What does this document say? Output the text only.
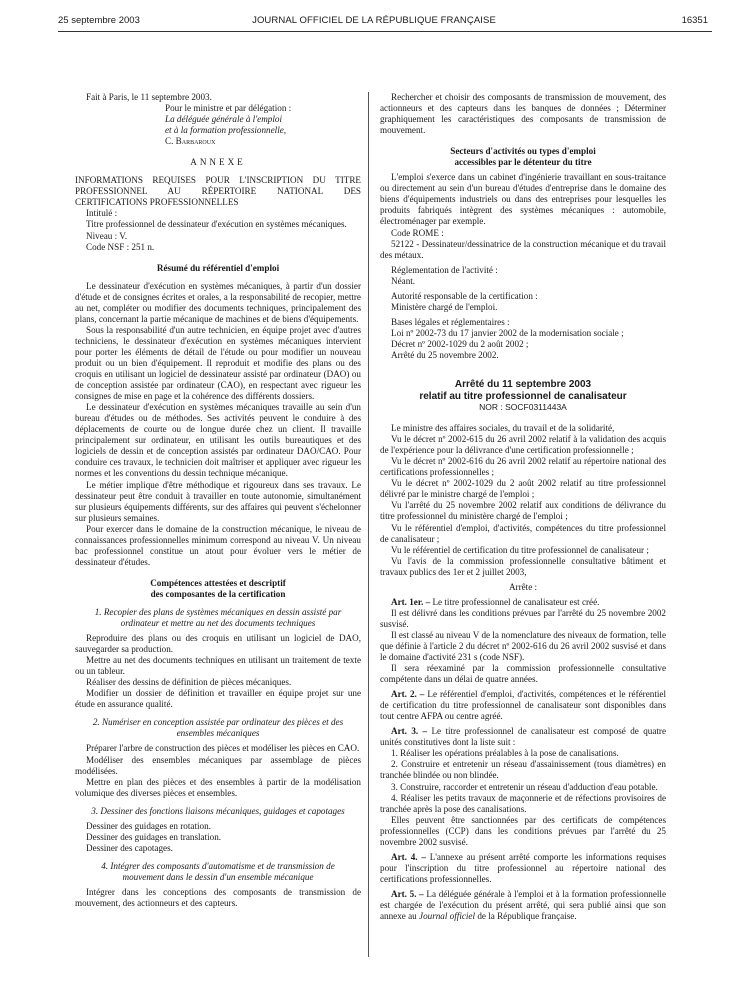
25 septembre 2003	JOURNAL OFFICIEL DE LA RÉPUBLIQUE FRANÇAISE	16351

Fait à Paris, le 11 septembre 2003.

Pour le ministre et par délégation :

La déléguée générale à l'emploi

et à la formation professionnelle,

C. Barbaroux

ANNEXE

INFORMATIONS REQUISES POUR L'INSCRIPTION DU TITRE PROFESSIONNEL AU RÉPERTOIRE NATIONAL DES CERTIFICATIONS PROFESSIONNELLES

Intitulé :

Titre professionnel de dessinateur d'exécution en systèmes mécaniques.

Niveau : V.

Code NSF : 251 n.

Résumé du référentiel d'emploi

Le dessinateur d'exécution en systèmes mécaniques, à partir d'un dossier d'étude et de consignes écrites et orales, a la responsabilité de recopier, mettre au net, compléter ou modifier des documents techniques, principalement des plans, concernant la partie mécanique de machines et de biens d'équipements.

Sous la responsabilité d'un autre technicien, en équipe projet avec d'autres techniciens, le dessinateur d'exécution en systèmes mécaniques intervient pour porter les éléments de détail de l'étude ou pour modifier un nouveau produit ou un bien d'équipement. Il reproduit et modifie des plans ou des croquis en utilisant un logiciel de dessinateur assisté par ordinateur (DAO) ou de conception assistée par ordinateur (CAO), en respectant avec rigueur les consignes de mise en page et la cohérence des différents dossiers.

Le dessinateur d'exécution en systèmes mécaniques travaille au sein d'un bureau d'études ou de méthodes. Ses activités peuvent le conduire à des déplacements de courte ou de longue durée chez un client. Il travaille principalement sur ordinateur, en utilisant les outils bureautiques et des logiciels de dessin et de conception assistés par ordinateur DAO/CAO. Pour conduire ces travaux, le technicien doit maîtriser et appliquer avec rigueur les normes et les conventions du dessin technique mécanique.

Le métier implique d'être méthodique et rigoureux dans ses travaux. Le dessinateur peut être conduit à travailler en toute autonomie, simultanément sur plusieurs équipements différents, sur des affaires qui peuvent s'échelonner sur plusieurs semaines.

Pour exercer dans le domaine de la construction mécanique, le niveau de connaissances professionnelles minimum correspond au niveau V. Un niveau bac professionnel constitue un atout pour évoluer vers le métier de dessinateur d'études.

Compétences attestées et descriptif

des composantes de la certification

1. Recopier des plans de systèmes mécaniques en dessin assisté par ordinateur et mettre au net des documents techniques

Reproduire des plans ou des croquis en utilisant un logiciel de DAO, sauvegarder sa production.

Mettre au net des documents techniques en utilisant un traitement de texte ou un tableur.

Réaliser des dessins de définition de pièces mécaniques.

Modifier un dossier de définition et travailler en équipe projet sur une étude en assurance qualité.

2. Numériser en conception assistée par ordinateur des pièces et des ensembles mécaniques

Préparer l'arbre de construction des pièces et modéliser les pièces en CAO.

Modéliser des ensembles mécaniques par assemblage de pièces modélisées.

Mettre en plan des pièces et des ensembles à partir de la modélisation volumique des diverses pièces et ensembles.

3. Dessiner des fonctions liaisons mécaniques, guidages et capotages

Dessiner des guidages en rotation.

Dessiner des guidages en translation.

Dessiner des capotages.

4. Intégrer des composants d'automatisme et de transmission de mouvement dans le dessin d'un ensemble mécanique

Intégrer dans les conceptions des composants de transmission de mouvement, des actionneurs et des capteurs.

Rechercher et choisir des composants de transmission de mouvement, des actionneurs et des capteurs dans les banques de données ; Déterminer graphiquement les caractéristiques des composants de transmission de mouvement.

Secteurs d'activités ou types d'emploi

accessibles par le détenteur du titre

L'emploi s'exerce dans un cabinet d'ingénierie travaillant en sous-traitance ou directement au sein d'un bureau d'études d'entreprise dans le domaine des biens d'équipements industriels ou dans des entreprises pour lesquelles les produits fabriqués intègrent des systèmes mécaniques : automobile, électroménager par exemple.

Code ROME :

52122 - Dessinateur/dessinatrice de la construction mécanique et du travail des métaux.

Réglementation de l'activité :

Néant.

Autorité responsable de la certification :

Ministère chargé de l'emploi.

Bases légales et réglementaires :

Loi nº 2002-73 du 17 janvier 2002 de la modernisation sociale ;

Décret nº 2002-1029 du 2 août 2002 ;

Arrêté du 25 novembre 2002.

Arrêté du 11 septembre 2003

relatif au titre professionnel de canalisateur

NOR : SOCF0311443A

Le ministre des affaires sociales, du travail et de la solidarité,

Vu le décret nº 2002-615 du 26 avril 2002 relatif à la validation des acquis de l'expérience pour la délivrance d'une certification professionnelle ;

Vu le décret nº 2002-616 du 26 avril 2002 relatif au répertoire national des certifications professionnelles ;

Vu le décret nº 2002-1029 du 2 août 2002 relatif au titre professionnel délivré par le ministre chargé de l'emploi ;

Vu l'arrêté du 25 novembre 2002 relatif aux conditions de délivrance du titre professionnel du ministère chargé de l'emploi ;

Vu le référentiel d'emploi, d'activités, compétences du titre professionnel de canalisateur ;

Vu le référentiel de certification du titre professionnel de canalisateur ;

Vu l'avis de la commission professionnelle consultative bâtiment et travaux publics des 1er et 2 juillet 2003,

Arrête :

Art. 1er. – Le titre professionnel de canalisateur est créé.

Il est délivré dans les conditions prévues par l'arrêté du 25 novembre 2002 susvisé.

Il est classé au niveau V de la nomenclature des niveaux de formation, telle que définie à l'article 2 du décret nº 2002-616 du 26 avril 2002 susvisé et dans le domaine d'activité 231 s (code NSF).

Il sera réexaminé par la commission professionnelle consultative compétente dans un délai de quatre années.

Art. 2. – Le référentiel d'emploi, d'activités, compétences et le référentiel de certification du titre professionnel de canalisateur sont disponibles dans tout centre AFPA ou centre agréé.

Art. 3. – Le titre professionnel de canalisateur est composé de quatre unités constitutives dont la liste suit :

1. Réaliser les opérations préalables à la pose de canalisations.

2. Construire et entretenir un réseau d'assainissement (tous diamètres) en tranchée blindée ou non blindée.

3. Construire, raccorder et entretenir un réseau d'adduction d'eau potable.

4. Réaliser les petits travaux de maçonnerie et de réfections provisoires de tranchée après la pose des canalisations.

Elles peuvent être sanctionnées par des certificats de compétences professionnelles (CCP) dans les conditions prévues par l'arrêté du 25 novembre 2002 susvisé.

Art. 4. – L'annexe au présent arrêté comporte les informations requises pour l'inscription du titre professionnel au répertoire national des certifications professionnelles.

Art. 5. – La déléguée générale à l'emploi et à la formation professionnelle est chargée de l'exécution du présent arrêté, qui sera publié ainsi que son annexe au Journal officiel de la République française.
